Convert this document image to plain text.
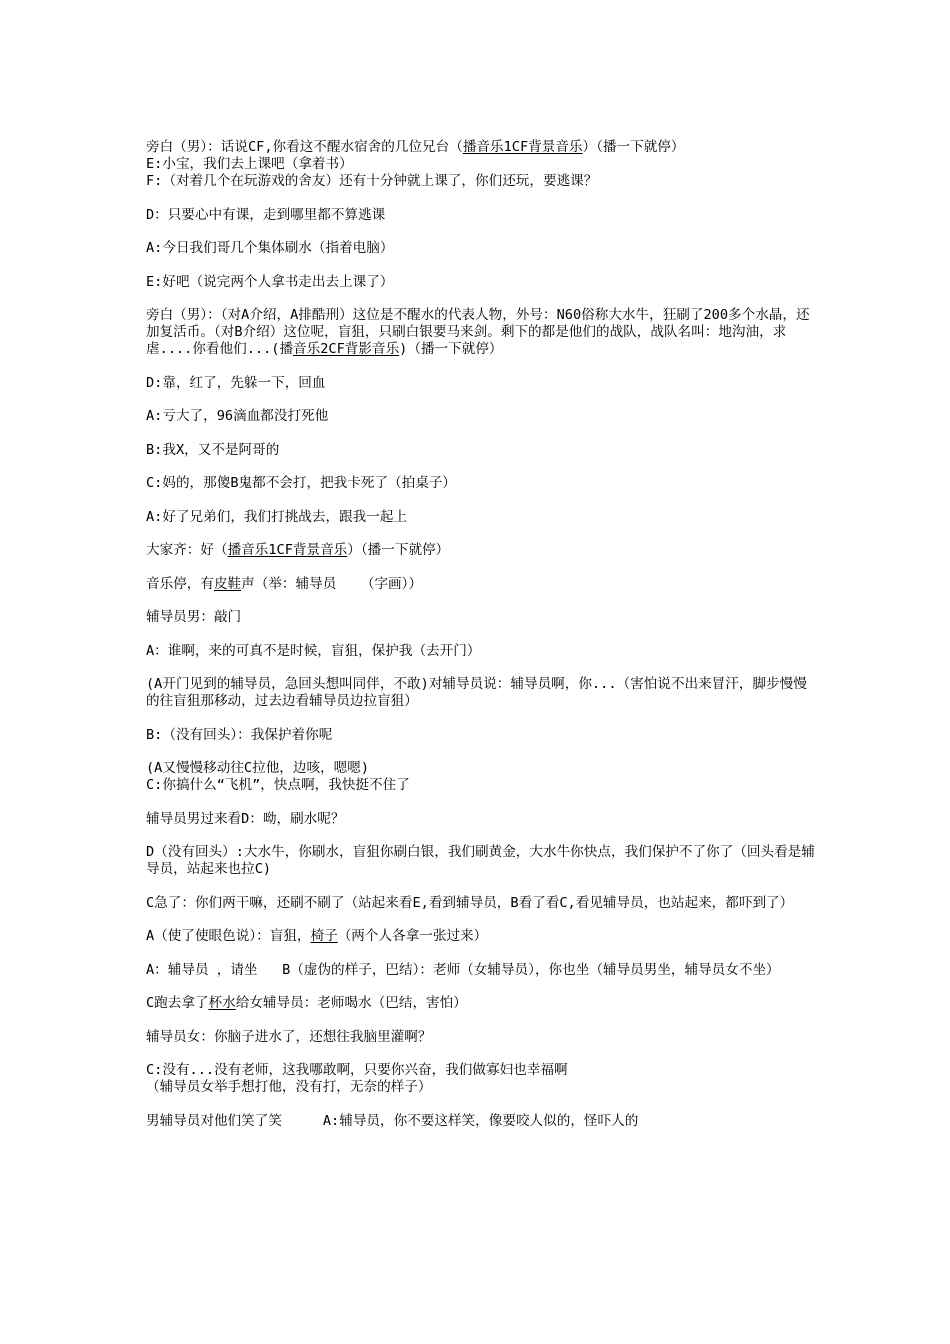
旁白（男）：话说CF,你看这不醒水宿舍的几位兄台（播音乐1CF背景音乐）（播一下就停）

E:小宝，我们去上课吧（拿着书）

F:（对着几个在玩游戏的舍友）还有十分钟就上课了，你们还玩，要逃课？

D：只要心中有课，走到哪里都不算逃课

A:今日我们哥几个集体刷水（指着电脑）

E:好吧（说完两个人拿书走出去上课了）

旁白（男）：（对A介绍，A排酷刑）这位是不醒水的代表人物，外号：N60俗称大水牛，狂刷了200多个水晶，还加复活币。（对B介绍）这位呢，盲狙，只刷白银要马来剑。剩下的都是他们的战队，战队名叫：地沟油，求虐....你看他们...(播音乐2CF背影音乐)（播一下就停）

D:靠，红了，先躲一下，回血

A:亏大了，96滴血都没打死他

B:我X，又不是阿哥的

C:妈的，那傻B鬼都不会打，把我卡死了（拍桌子）

A:好了兄弟们，我们打挑战去，跟我一起上

大家齐：好（播音乐1CF背景音乐）（播一下就停）

音乐停，有皮鞋声（举：辅导员   （字画））

辅导员男：敲门

A：谁啊，来的可真不是时候，盲狙，保护我（去开门）

(A开门见到的辅导员，急回头想叫同伴，不敢)对辅导员说：辅导员啊，你...（害怕说不出来冒汗，脚步慢慢的往盲狙那移动，过去边看辅导员边拉盲狙）

B:（没有回头）：我保护着你呢

(A又慢慢移动往C拉他，边咳，嗯嗯)

C:你搞什么“飞机”，快点啊，我快挺不住了

辅导员男过来看D：呦，刷水呢？

D（没有回头）:大水牛，你刷水，盲狙你刷白银，我们刷黄金，大水牛你快点，我们保护不了你了（回头看是辅导员，站起来也拉C)

C急了：你们两干嘛，还刷不刷了（站起来看E,看到辅导员，B看了看C,看见辅导员，也站起来，都吓到了）

A（使了使眼色说）：盲狙，椅子（两个人各拿一张过来）

A：辅导员 ，请坐   B（虚伪的样子，巴结）：老师（女辅导员），你也坐（辅导员男坐，辅导员女不坐）

C跑去拿了杯水给女辅导员：老师喝水（巴结，害怕）

辅导员女：你脑子进水了，还想往我脑里灌啊？

C:没有...没有老师，这我哪敢啊，只要你兴奋，我们做寡妇也幸福啊

（辅导员女举手想打他，没有打，无奈的样子）

男辅导员对他们笑了笑     A:辅导员，你不要这样笑，像要咬人似的，怪吓人的
